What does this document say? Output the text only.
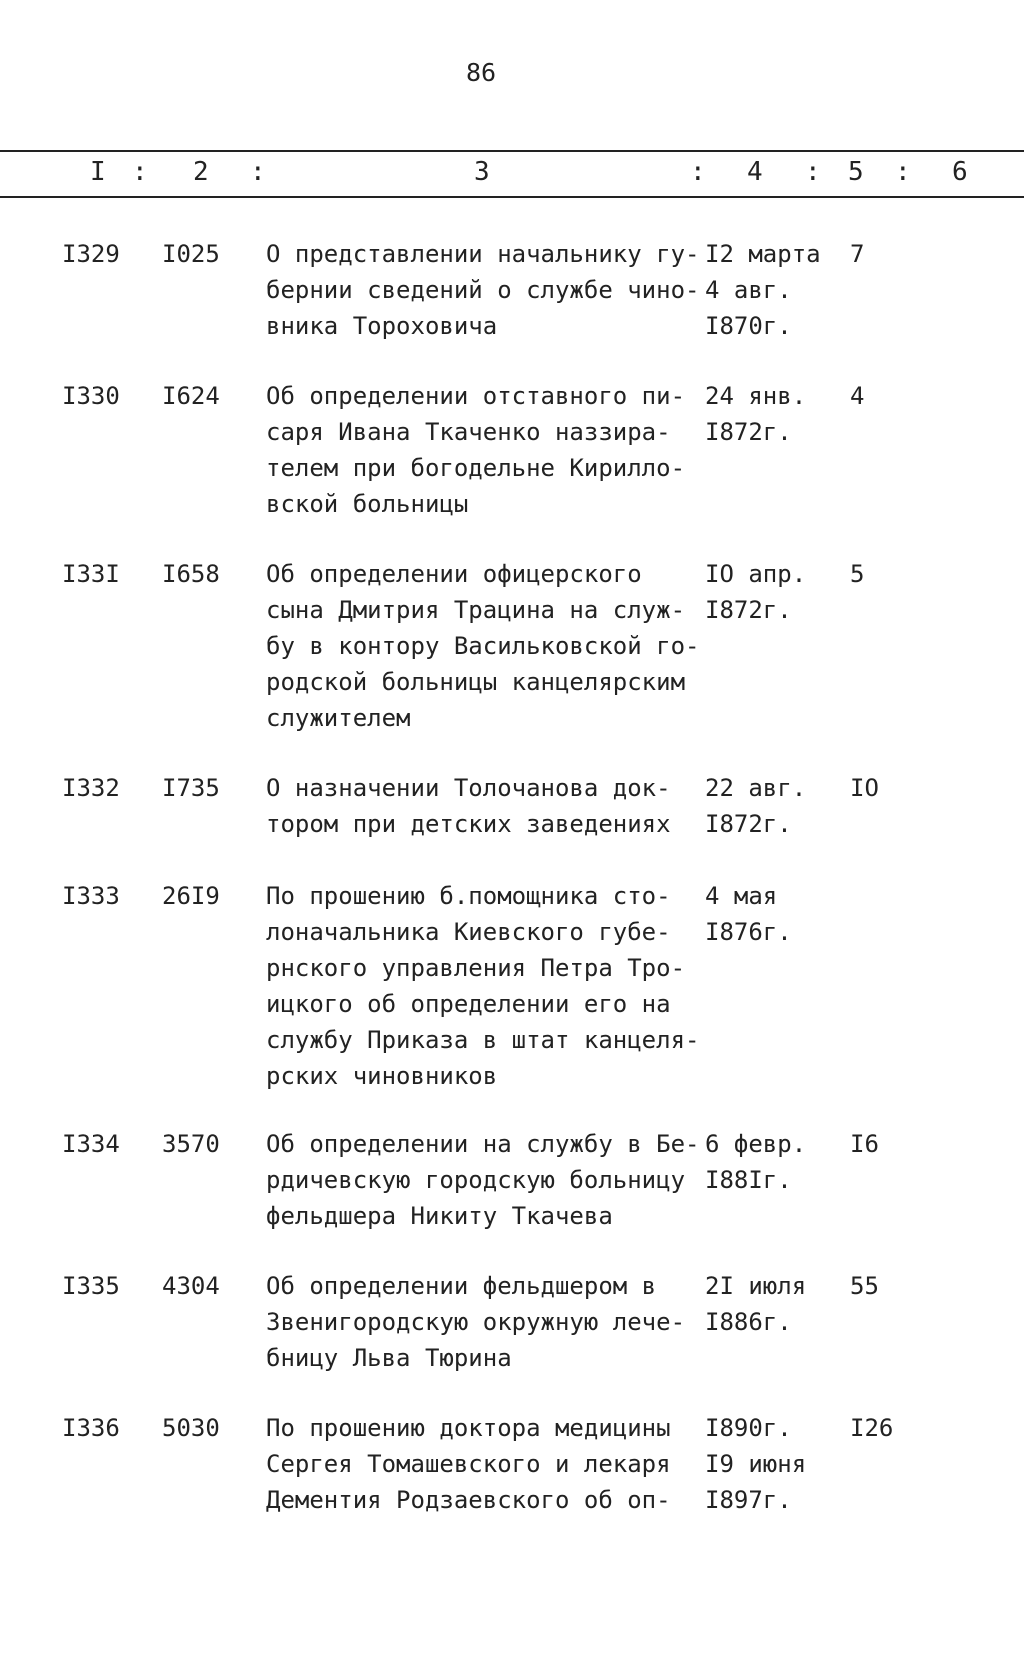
86
I : 2 :	3	: 4 : 5 : 6
I329 I025 О представлении начальнику гу-
бернии сведений о службе чино-
вника Тороховича
I2 марта
4 авг.
I870г.
7
I330 I624 Об определении отставного пи-
саря Ивана Ткаченко наззира-
телем при богодельне Кирилло-
вской больницы
24 янв.
I872г.
4
I33I I658 Об определении офицерского
сына Дмитрия Трацина на служ-
бу в контору Васильковской го-
родской больницы канцелярским
служителем
IO апр.
I872г.
5
I332 I735 О назначении Толочанова док-
тором при детских заведениях
22 авг.
I872г.
IO
I333 26I9 По прошению б.помощника сто-
лоначальника Киевского губе-
рнского управления Петра Тро-
ицкого об определении его на
службу Приказа в штат канцеля-
рских чиновников
4 мая
I876г.
I334 3570 Об определении на службу в Бе-
рдичевскую городскую больницу
фельдшера Никиту Ткачева
6 февр.
I88Iг.
I6
I335 4304 Об определении фельдшером в
Звенигородскую окружную лече-
бницу Льва Тюрина
2I июля
I886г.
55
I336 5030 По прошению доктора медицины
Сергея Томашевского и лекаря
Дементия Родзаевского об оп-
I890г.
I9 июня
I897г.
I26
